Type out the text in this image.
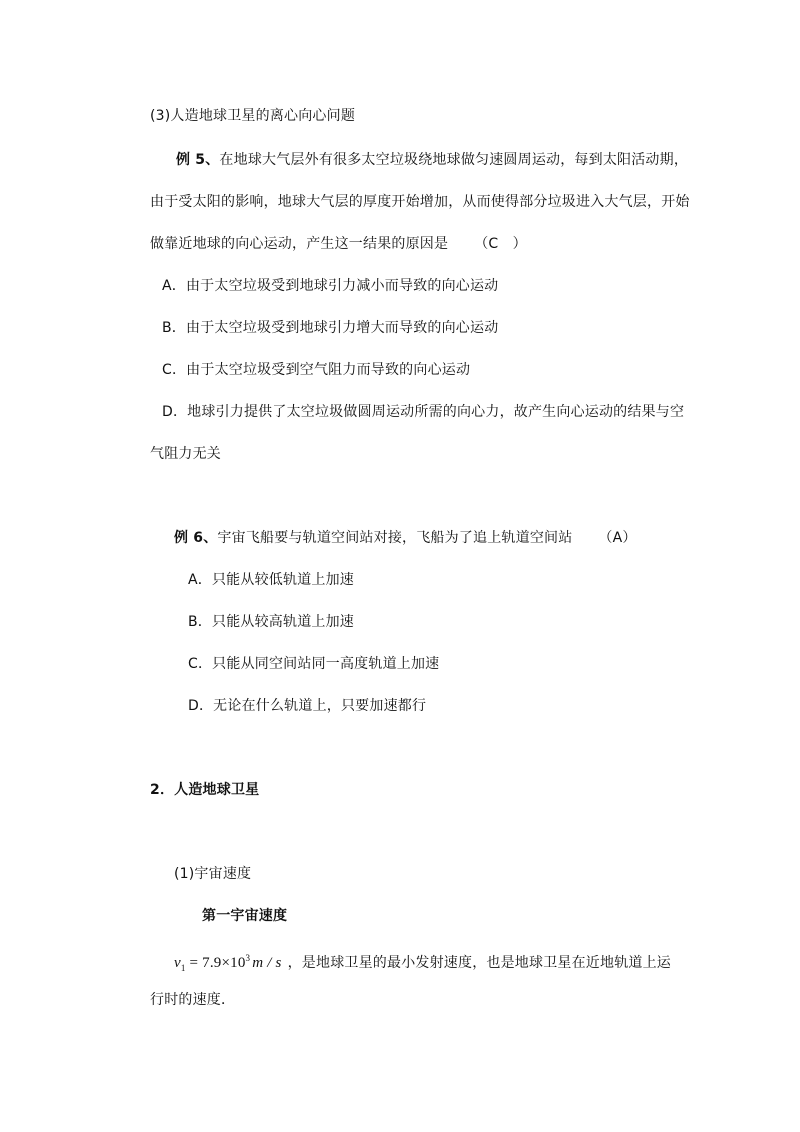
(3)人造地球卫星的离心向心问题
例 5、在地球大气层外有很多太空垃圾绕地球做匀速圆周运动，每到太阳活动期，
由于受太阳的影响，地球大气层的厚度开始增加，从而使得部分垃圾进入大气层，开始
做靠近地球的向心运动，产生这一结果的原因是 （C　）
A．由于太空垃圾受到地球引力减小而导致的向心运动
B．由于太空垃圾受到地球引力增大而导致的向心运动
C．由于太空垃圾受到空气阻力而导致的向心运动
D．地球引力提供了太空垃圾做圆周运动所需的向心力，故产生向心运动的结果与空
气阻力无关
例 6、宇宙飞船要与轨道空间站对接，飞船为了追上轨道空间站 （A）
A．只能从较低轨道上加速
B．只能从较高轨道上加速
C．只能从同空间站同一高度轨道上加速
D．无论在什么轨道上，只要加速都行
2．人造地球卫星
(1)宇宙速度
第一宇宙速度
$v_1 = 7.9\times 10^3$ m / s ，是地球卫星的最小发射速度，也是地球卫星在近地轨道上运
行时的速度．
